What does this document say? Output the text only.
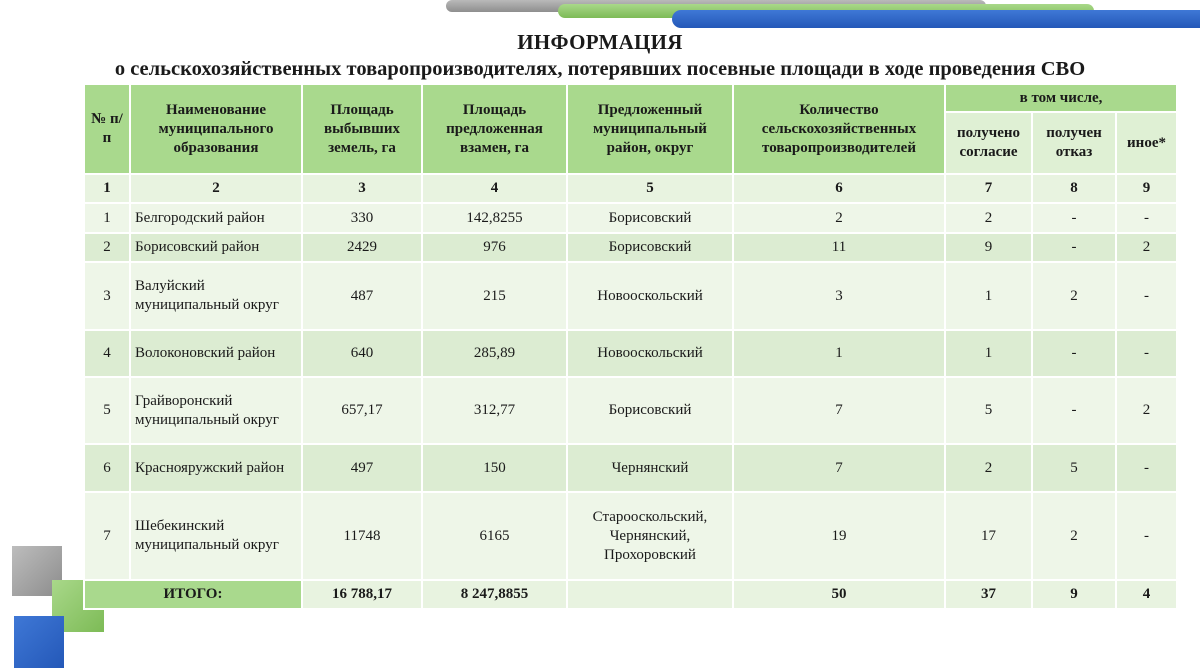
ИНФОРМАЦИЯ
о сельскохозяйственных товаропроизводителях, потерявших посевные площади в ходе проведения СВО
№ п/п	Наименование муниципального образования	Площадь выбывших земель, га	Площадь предложенная взамен, га	Предложенный муниципальный район, округ	Количество сельскохозяйственных товаропроизводителей	в том числе,		
						получено согласие	получен отказ	иное*
1	2	3	4	5	6	7	8	9
1	Белгородский район	330	142,8255	Борисовский	2	2	-	-
2	Борисовский район	2429	976	Борисовский	11	9	-	2
3	Валуйский муниципальный округ	487	215	Новооскольский	3	1	2	-
4	Волоконовский район	640	285,89	Новооскольский	1	1	-	-
5	Грайворонский муниципальный округ	657,17	312,77	Борисовский	7	5	-	2
6	Краснояружский район	497	150	Чернянский	7	2	5	-
7	Шебекинский муниципальный округ	11748	6165	Старооскольский, Чернянский, Прохоровский	19	17	2	-
ИТОГО:		16 788,17	8 247,8855		50	37	9	4
